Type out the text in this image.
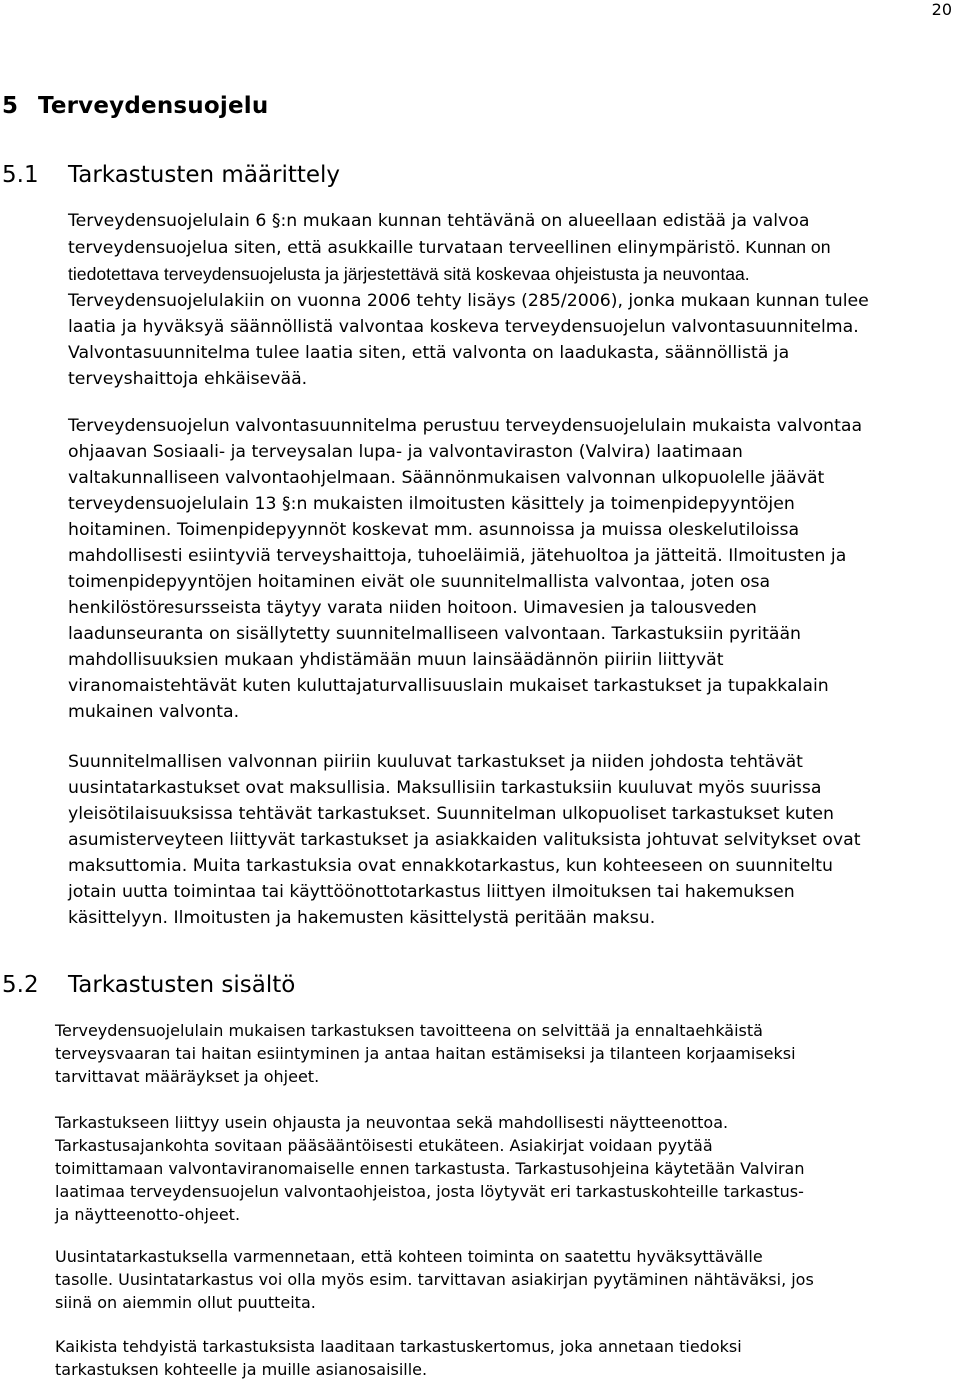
20
5 Terveydensuojelu
5.1 Tarkastusten määrittely
Terveydensuojelulain 6 §:n mukaan kunnan tehtävänä on alueellaan edistää ja valvoa
terveydensuojelua siten, että asukkaille turvataan terveellinen elinympäristö. Kunnan on
tiedotettava terveydensuojelusta ja järjestettävä sitä koskevaa ohjeistusta ja neuvontaa.
Terveydensuojelulakiin on vuonna 2006 tehty lisäys (285/2006), jonka mukaan kunnan tulee
laatia ja hyväksyä säännöllistä valvontaa koskeva terveydensuojelun valvontasuunnitelma.
Valvontasuunnitelma tulee laatia siten, että valvonta on laadukasta, säännöllistä ja
terveyshaittoja ehkäisevää.
Terveydensuojelun valvontasuunnitelma perustuu terveydensuojelulain mukaista valvontaa
ohjaavan Sosiaali- ja terveysalan lupa- ja valvontaviraston (Valvira) laatimaan
valtakunnalliseen valvontaohjelmaan. Säännönmukaisen valvonnan ulkopuolelle jäävät
terveydensuojelulain 13 §:n mukaisten ilmoitusten käsittely ja toimenpidepyyntöjen
hoitaminen. Toimenpidepyynnöt koskevat mm. asunnoissa ja muissa oleskelutiloissa
mahdollisesti esiintyviä terveyshaittoja, tuhoeläimiä, jätehuoltoa ja jätteitä. Ilmoitusten ja
toimenpidepyyntöjen hoitaminen eivät ole suunnitelmallista valvontaa, joten osa
henkilöstöresursseista täytyy varata niiden hoitoon. Uimavesien ja talousveden
laadunseuranta on sisällytetty suunnitelmalliseen valvontaan. Tarkastuksiin pyritään
mahdollisuuksien mukaan yhdistämään muun lainsäädännön piiriin liittyvät
viranomaistehtävät kuten kuluttajaturvallisuuslain mukaiset tarkastukset ja tupakkalain
mukainen valvonta.
Suunnitelmallisen valvonnan piiriin kuuluvat tarkastukset ja niiden johdosta tehtävät
uusintatarkastukset ovat maksullisia. Maksullisiin tarkastuksiin kuuluvat myös suurissa
yleisötilaisuuksissa tehtävät tarkastukset. Suunnitelman ulkopuoliset tarkastukset kuten
asumisterveyteen liittyvät tarkastukset ja asiakkaiden valituksista johtuvat selvitykset ovat
maksuttomia. Muita tarkastuksia ovat ennakkotarkastus, kun kohteeseen on suunniteltu
jotain uutta toimintaa tai käyttöönottotarkastus liittyen ilmoituksen tai hakemuksen
käsittelyyn. Ilmoitusten ja hakemusten käsittelystä peritään maksu.
5.2 Tarkastusten sisältö
Terveydensuojelulain mukaisen tarkastuksen tavoitteena on selvittää ja ennaltaehkäistä
terveysvaaran tai haitan esiintyminen ja antaa haitan estämiseksi ja tilanteen korjaamiseksi
tarvittavat määräykset ja ohjeet.
Tarkastukseen liittyy usein ohjausta ja neuvontaa sekä mahdollisesti näytteenottoa.
Tarkastusajankohta sovitaan pääsääntöisesti etukäteen. Asiakirjat voidaan pyytää
toimittamaan valvontaviranomaiselle ennen tarkastusta. Tarkastusohjeina käytetään Valviran
laatimaa terveydensuojelun valvontaohjeistoa, josta löytyvät eri tarkastuskohteille tarkastus-
ja näytteenotto-ohjeet.
Uusintatarkastuksella varmennetaan, että kohteen toiminta on saatettu hyväksyttävälle
tasolle. Uusintatarkastus voi olla myös esim. tarvittavan asiakirjan pyytäminen nähtäväksi, jos
siinä on aiemmin ollut puutteita.
Kaikista tehdyistä tarkastuksista laaditaan tarkastuskertomus, joka annetaan tiedoksi
tarkastuksen kohteelle ja muille asianosaisille.
